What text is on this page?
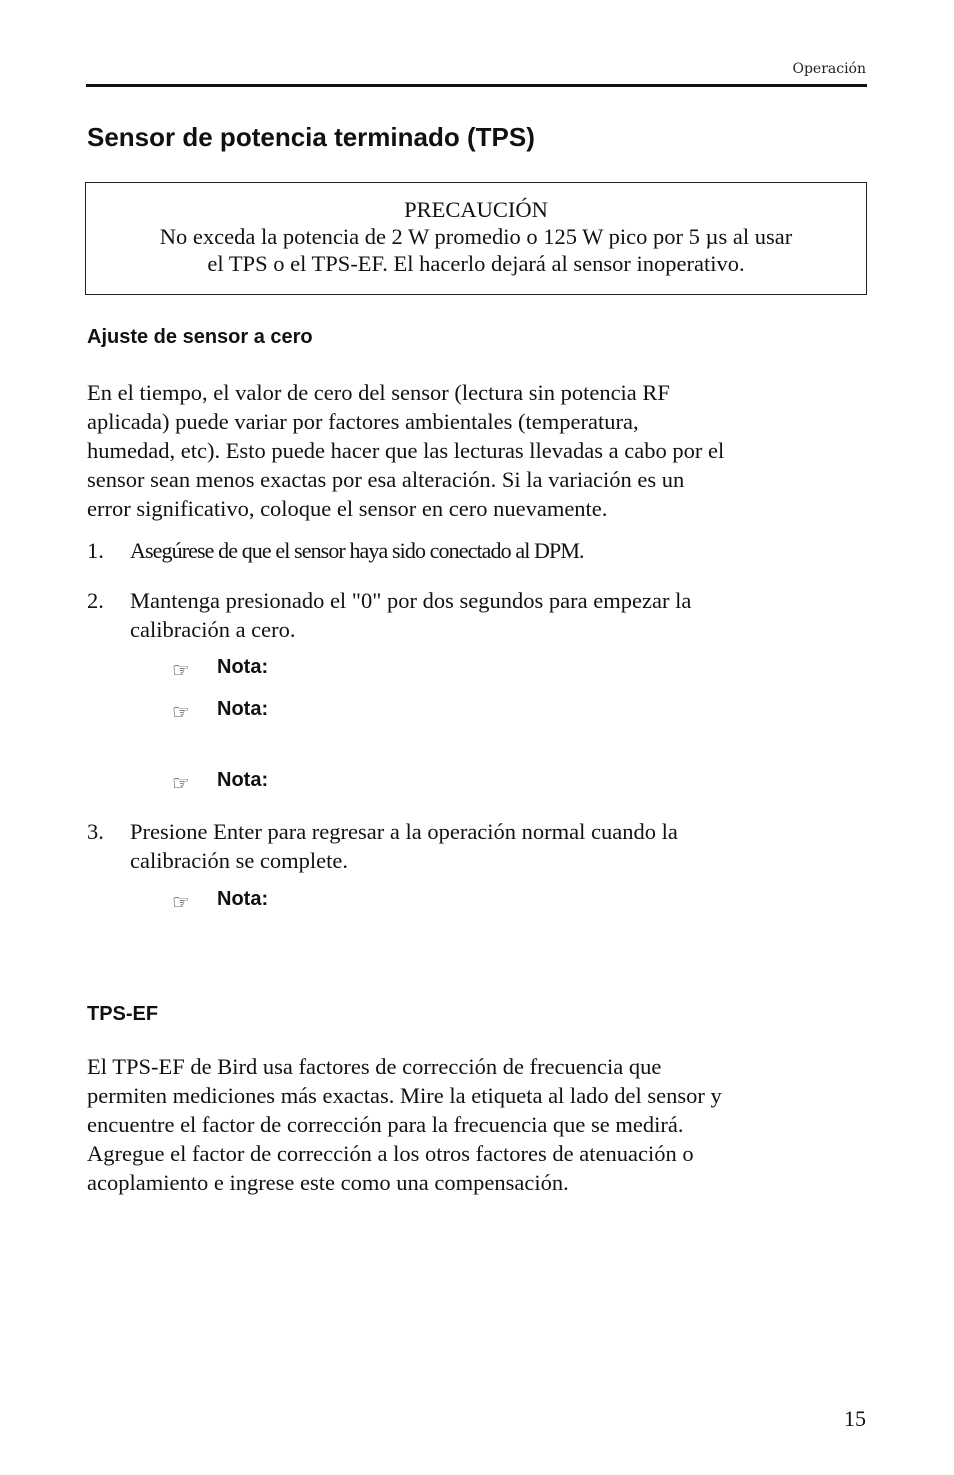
Operación
Sensor de potencia terminado (TPS)
PRECAUCIÓN
No exceda la potencia de 2 W promedio o 125 W pico por 5 µs al usar
el TPS o el TPS-EF. El hacerlo dejará al sensor inoperativo.
Ajuste de sensor a cero
En el tiempo, el valor de cero del sensor (lectura sin potencia RF
aplicada) puede variar por factores ambientales (temperatura,
humedad, etc). Esto puede hacer que las lecturas llevadas a cabo por el
sensor sean menos exactas por esa alteración. Si la variación es un
error significativo, coloque el sensor en cero nuevamente.
1. Asegúrese de que el sensor haya sido conectado al DPM.
2. Mantenga presionado el "0" por dos segundos para empezar la
calibración a cero.
☞ Nota:
☞ Nota:
☞ Nota:
3. Presione Enter para regresar a la operación normal cuando la
calibración se complete.
☞ Nota:
TPS-EF
El TPS-EF de Bird usa factores de corrección de frecuencia que
permiten mediciones más exactas. Mire la etiqueta al lado del sensor y
encuentre el factor de corrección para la frecuencia que se medirá.
Agregue el factor de corrección a los otros factores de atenuación o
acoplamiento e ingrese este como una compensación.
15
